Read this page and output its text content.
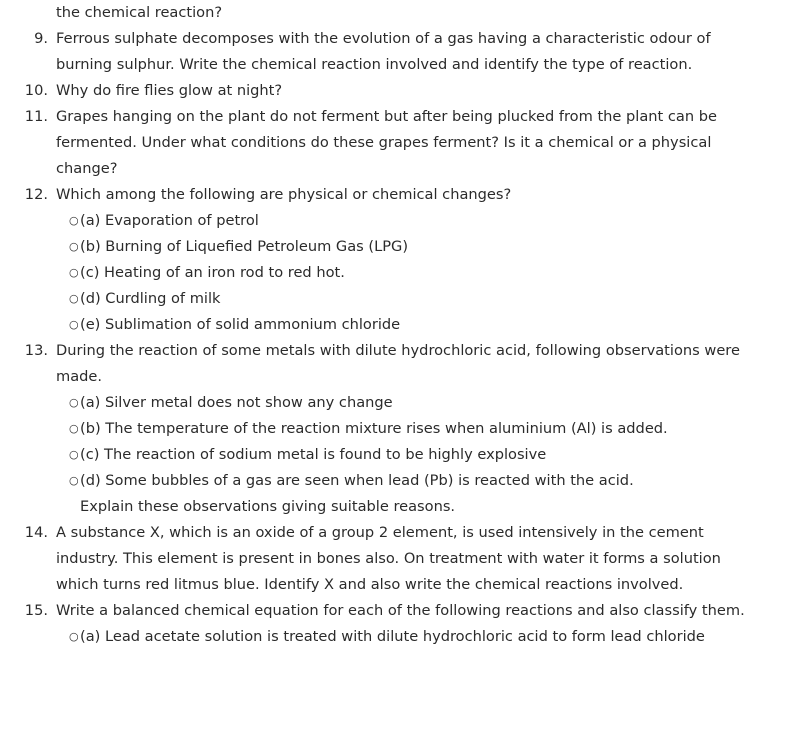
the chemical reaction?
9. Ferrous sulphate decomposes with the evolution of a gas having a characteristic odour of burning sulphur. Write the chemical reaction involved and identify the type of reaction.
10. Why do fire flies glow at night?
11. Grapes hanging on the plant do not ferment but after being plucked from the plant can be fermented. Under what conditions do these grapes ferment? Is it a chemical or a physical change?
12. Which among the following are physical or chemical changes?
○ (a) Evaporation of petrol
○ (b) Burning of Liquefied Petroleum Gas (LPG)
○ (c) Heating of an iron rod to red hot.
○ (d) Curdling of milk
○ (e) Sublimation of solid ammonium chloride
13. During the reaction of some metals with dilute hydrochloric acid, following observations were made.
○ (a) Silver metal does not show any change
○ (b) The temperature of the reaction mixture rises when aluminium (Al) is added.
○ (c) The reaction of sodium metal is found to be highly explosive
○ (d) Some bubbles of a gas are seen when lead (Pb) is reacted with the acid.
Explain these observations giving suitable reasons.
14. A substance X, which is an oxide of a group 2 element, is used intensively in the cement industry. This element is present in bones also. On treatment with water it forms a solution which turns red litmus blue. Identify X and also write the chemical reactions involved.
15. Write a balanced chemical equation for each of the following reactions and also classify them.
○ (a) Lead acetate solution is treated with dilute hydrochloric acid to form lead chloride
